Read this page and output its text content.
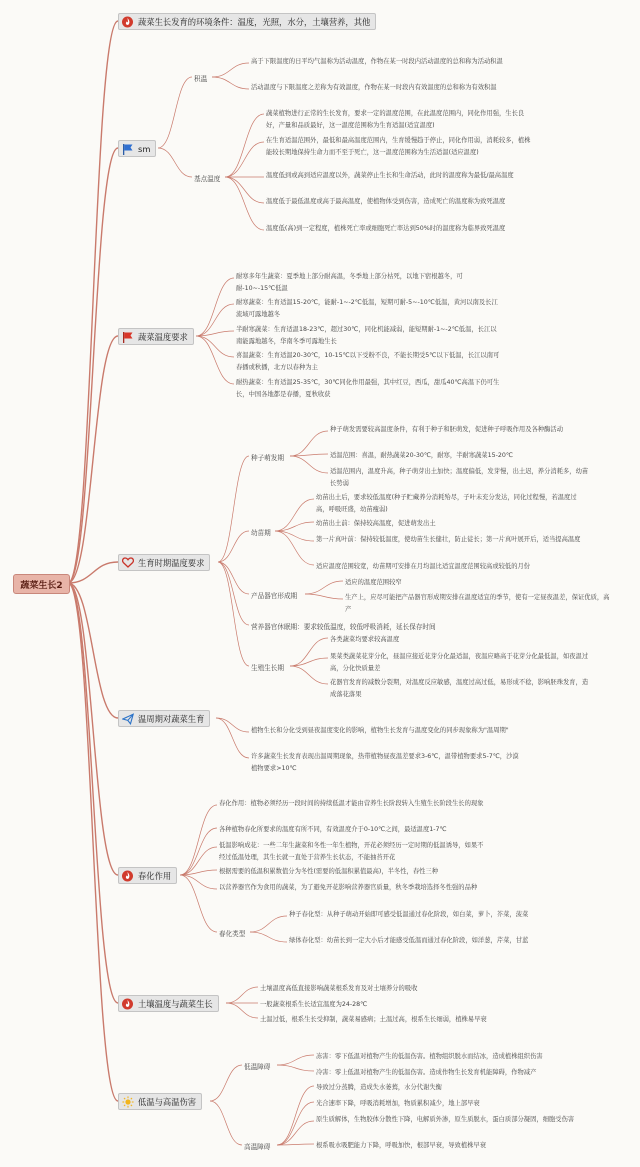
蔬菜生长2
蔬菜生长发育的环境条件：温度，光照，水分，土壤营养，其他
sm
蔬菜温度要求
生育时期温度要求
温周期对蔬菜生育
春化作用
土壤温度与蔬菜生长
低温与高温伤害
积温
基点温度
种子萌发期
幼苗期
产品器官形成期
营养器官休眠期：要求较低温度，较低呼吸消耗，延长保存时间
生殖生长期
春化类型
低温障碍
高温障碍
高于下限温度的日平均气温称为活动温度，作物在某一时段内活动温度的总和称为活动积温
活动温度与下限温度之差称为有效温度，作物在某一时段内有效温度的总和称为有效积温
蔬菜植物进行正常的生长发育，要求一定的温度范围，在此温度范围内，同化作用强，生长良好，产量和品质最好，这一温度范围称为生育适温(适宜温度)
在生育适温范围外，最低和最高温度范围内，生育缓慢趋于停止，同化作用弱，消耗较多，植株能较长期地保持生命力而不至于死亡，这一温度范围称为生活适温(适应温度)
温度低到或高到适应温度以外，蔬菜停止生长和生命活动，此时的温度称为最低/最高温度
温度低于最低温度或高于最高温度，使植物体受到伤害，造成死亡的温度称为致死温度
温度低(高)到一定程度，植株死亡率或细胞死亡率达到50%时的温度称为临界致死温度
耐寒多年生蔬菜：夏季地上部分耐高温，冬季地上部分枯死，以地下宿根越冬，可耐-10~-15℃低温
耐寒蔬菜：生育适温15-20℃，能耐-1~-2℃低温，短期可耐-5~-10℃低温，黄河以南及长江流域可露地越冬
半耐寒蔬菜：生育适温18-23℃，超过30℃，同化机能减弱，能短期耐-1~-2℃低温，长江以南能露地越冬，华南冬季可露地生长
喜温蔬菜：生育适温20-30℃，10-15℃以下受粉不良，不能长期受5℃以下低温，长江以南可春播或秋播，北方以春种为主
耐热蔬菜：生育适温25-35℃，30℃同化作用最强，其中红豆，西瓜，甜瓜40℃高温下仍可生长，中国各地都是春播，夏秋收获
种子萌发需要较高温度条件，有利于种子和胚萌发，促进种子呼吸作用及各种酶活动
适温范围：喜温，耐热蔬菜20-30℃，耐寒，半耐寒蔬菜15-20℃
适温范围内，温度升高，种子萌芽出土加快；温度偏低，发芽慢，出土迟，养分消耗多，幼苗长势弱
幼苗出土后，要求较低温度(种子贮藏养分消耗殆尽，子叶未充分发达，同化过程慢，若温度过高，呼吸旺盛，幼苗瘦弱)
幼苗出土前：保持较高温度，促进萌发出土
第一片真叶前：保持较低温度，使幼苗生长健壮，防止徒长；第一片真叶展开后，适当提高温度
适应温度范围较宽，幼苗期可安排在月均温比适宜温度范围较高或较低的月份
适应的温度范围较窄
生产上，应尽可能把产品器官形成期安排在温度适宜的季节，使有一定昼夜温差，保证优质，高产
各类蔬菜均要求较高温度
果菜类蔬菜花芽分化，昼温应接近花芽分化最适温，夜温应略高于花芽分化最低温，如夜温过高，分化快质量差
花器官发育的减数分裂期，对温度反应敏感，温度过高过低，易形成不稔，影响胚珠发育，造成落花落果
植物生长和分化受到昼夜温度变化的影响，植物生长发育与温度变化的同步现象称为"温周期"
许多蔬菜生长发育表现出温周期现象，热带植物昼夜温差要求3-6℃，温带植物要求5-7℃，沙漠植物要求>10℃
春化作用：植物必须经历一段时间的持续低温才能由营养生长阶段转入生殖生长阶段生长的现象
各种植物春化所要求的温度有所不同，有效温度介于0-10℃之间，最适温度1-7℃
低温影响成花：一些二年生蔬菜和冬性一年生植物，开花必须经历一定时期的低温诱导，如果不经过低温处理，其生长就一直处于营养生长状态，不能抽苔开花
根据需要的低温积累数值分为冬性(需要的低温积累值最高)，半冬性，春性三种
以营养器官作为食用的蔬菜，为了避免开花影响营养器官质量，秋冬季栽培选择冬性强的品种
种子春化型：从种子萌动开始即可感受低温通过春化阶段，如白菜，萝卜，芥菜，菠菜
绿体春化型：幼苗长到一定大小后才能感受低温而通过春化阶段，如洋葱，芹菜，甘蓝
土壤温度高低直接影响蔬菜根系发育及对土壤养分的吸收
一般蔬菜根系生长适宜温度为24-28℃
土温过低，根系生长受抑制，蔬菜易感病；土温过高，根系生长细弱，植株易早衰
冻害：零下低温对植物产生的低温伤害。植物组织脱水而结冰，造成植株组织伤害
冷害：零上低温对植物产生的低温伤害。造成作物生长发育机能障碍，作物减产
导致过分蒸腾，造成失水萎蔫，水分代谢失衡
光合速率下降，呼吸消耗增加，物质累积减少，地上部早衰
原生质解体，生物胶体分散性下降，电解质外渗，原生质脱水，蛋白质部分凝固，细胞受伤害
根系吸水吸肥能力下降，呼吸加快，根部早衰，导致植株早衰
